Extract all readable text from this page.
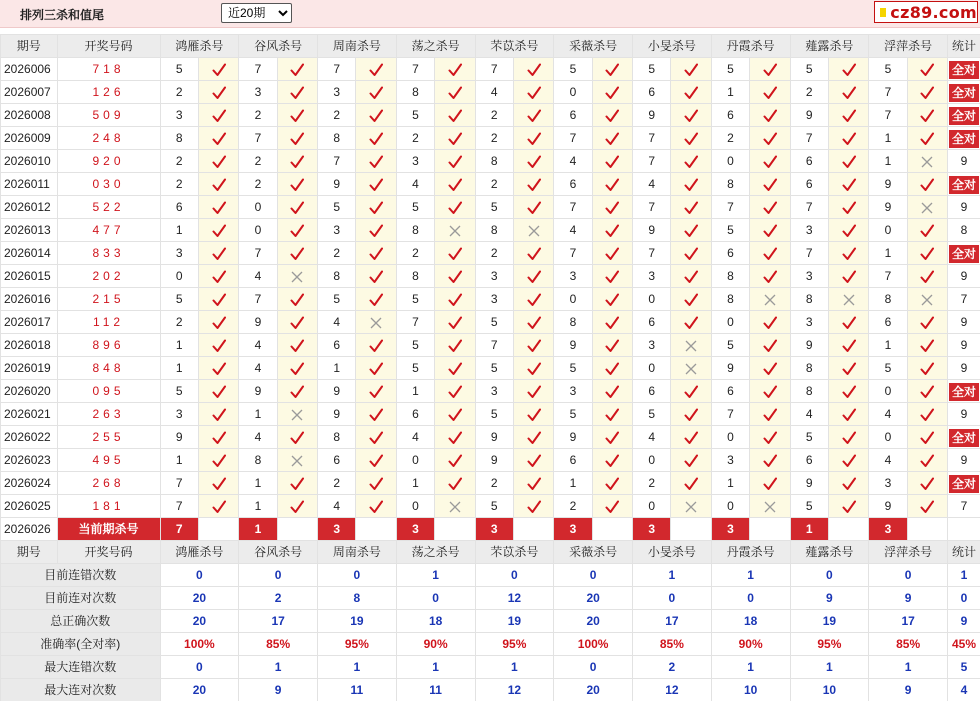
排列三杀和值尾
近20期	cz89.com
期号	开奖号码	鸿雁杀号		谷风杀号		周南杀号		荡之杀号		芣苡杀号		采薇杀号		小旻杀号		丹霞杀号		薤露杀号		浮萍杀号		统计
2026006	718	5		7		7		7		7		5		5		5		5		5		全对
2026007	126	2		3		3		8		4		0		6		1		2		7		全对
2026008	509	3		2		2		5		2		6		9		6		9		7		全对
2026009	248	8		7		8		2		2		7		7		2		7		1		全对
2026010	920	2		2		7		3		8		4		7		0		6		1		9
2026011	030	2		2		9		4		2		6		4		8		6		9		全对
2026012	522	6		0		5		5		5		7		7		7		7		9		9
2026013	477	1		0		3		8		8		4		9		5		3		0		8
2026014	833	3		7		2		2		2		7		7		6		7		1		全对
2026015	202	0		4		8		8		3		3		3		8		3		7		9
2026016	215	5		7		5		5		3		0		0		8		8		8		7
2026017	112	2		9		4		7		5		8		6		0		3		6		9
2026018	896	1		4		6		5		7		9		3		5		9		1		9
2026019	848	1		4		1		5		5		5		0		9		8		5		9
2026020	095	5		9		9		1		3		3		6		6		8		0		全对
2026021	263	3		1		9		6		5		5		5		7		4		4		9
2026022	255	9		4		8		4		9		9		4		0		5		0		全对
2026023	495	1		8		6		0		9		6		0		3		6		4		9
2026024	268	7		1		2		1		2		1		2		1		9		3		全对
2026025	181	7		1		4		0		5		2		0		0		5		9		7
2026026	当前期杀号	7		1		3		3		3		3		3		3		1		3		
期号	开奖号码	鸿雁杀号		谷风杀号		周南杀号		荡之杀号		芣苡杀号		采薇杀号		小旻杀号		丹霞杀号		薤露杀号		浮萍杀号		统计
目前连错次数		0		0		0		1		0		0		1		1		0		0		1
目前连对次数		20		2		8		0		12		20		0		0		9		9		0
总正确次数		20		17		19		18		19		20		17		18		19		17		9
准确率(全对率)		100%		85%		95%		90%		95%		100%		85%		90%		95%		85%		45%
最大连错次数		0		1		1		1		1		0		2		1		1		1		5
最大连对次数		20		9		11		11		12		20		12		10		10		9		4
